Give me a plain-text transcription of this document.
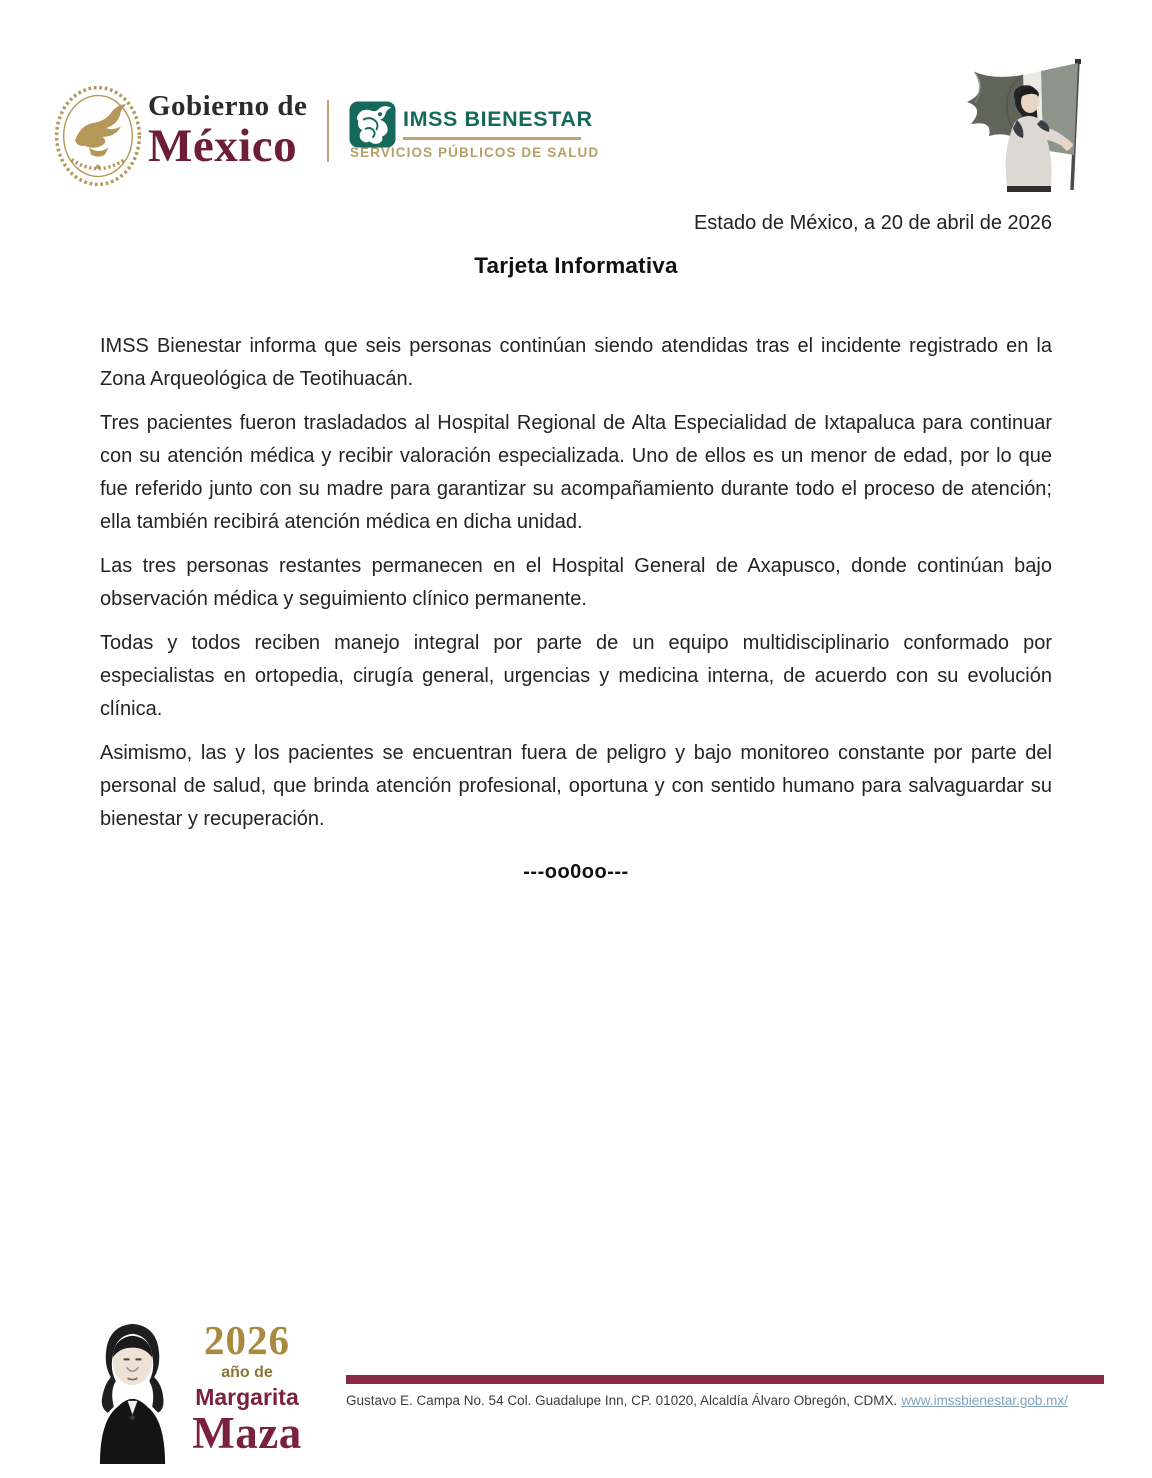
Gobierno de
México
IMSS BIENESTAR
SERVICIOS PÚBLICOS DE SALUD
Estado de México, a 20 de abril de 2026
Tarjeta Informativa

IMSS Bienestar informa que seis personas continúan siendo atendidas tras el incidente registrado en la Zona Arqueológica de Teotihuacán.

Tres pacientes fueron trasladados al Hospital Regional de Alta Especialidad de Ixtapaluca para continuar con su atención médica y recibir valoración especializada. Uno de ellos es un menor de edad, por lo que fue referido junto con su madre para garantizar su acompañamiento durante todo el proceso de atención; ella también recibirá atención médica en dicha unidad.

Las tres personas restantes permanecen en el Hospital General de Axapusco, donde continúan bajo observación médica y seguimiento clínico permanente.

Todas y todos reciben manejo integral por parte de un equipo multidisciplinario conformado por especialistas en ortopedia, cirugía general, urgencias y medicina interna, de acuerdo con su evolución clínica.

Asimismo, las y los pacientes se encuentran fuera de peligro y bajo monitoreo constante por parte del personal de salud, que brinda atención profesional, oportuna y con sentido humano para salvaguardar su bienestar y recuperación.

---oo0oo---
2026
año de
Margarita
Maza
Gustavo E. Campa No. 54 Col. Guadalupe Inn, CP. 01020, Alcaldía Álvaro Obregón, CDMX. www.imssbienestar.gob.mx/
